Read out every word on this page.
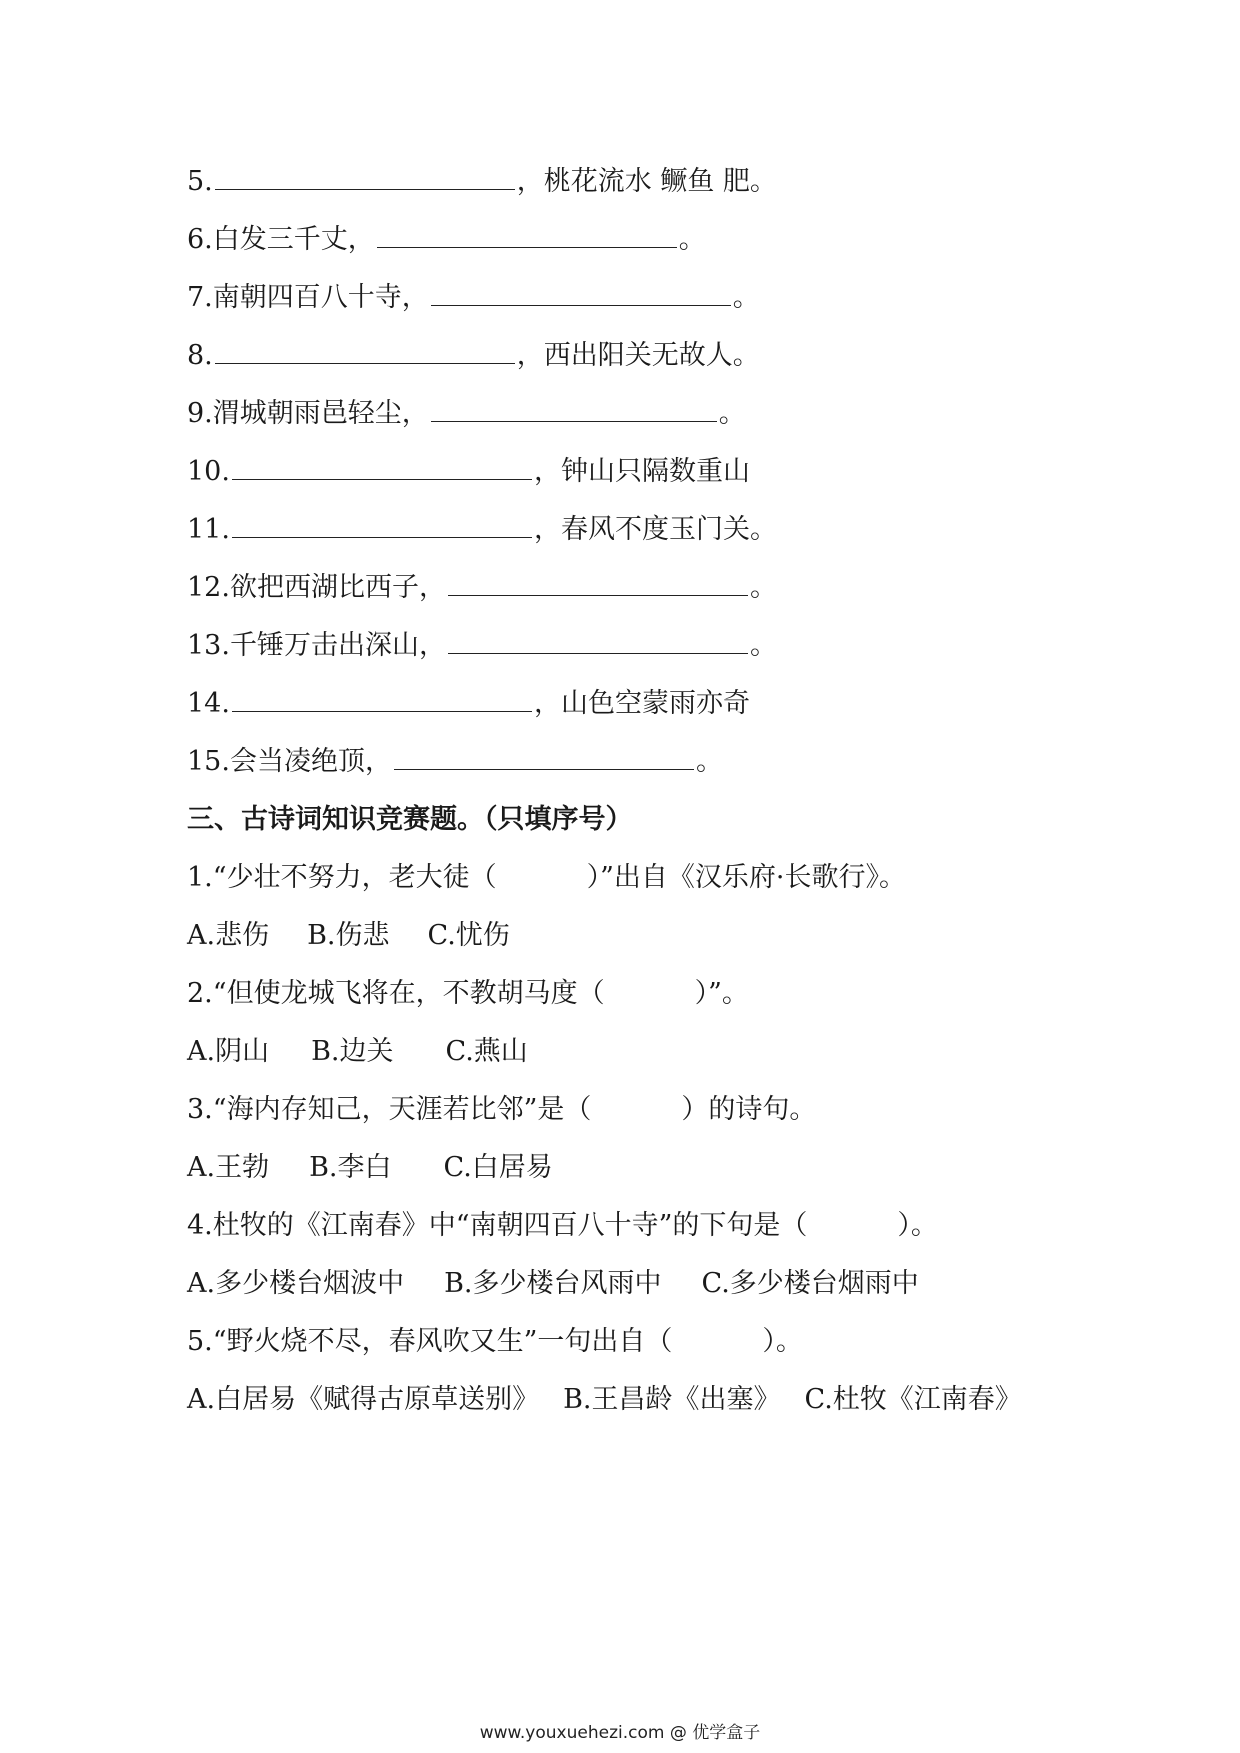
5.	，桃花流水 鳜鱼 肥。
6.白发三千丈，	。
7.南朝四百八十寺，	。
8.	，西出阳关无故人。
9.渭城朝雨邑轻尘，	。
10.	，钟山只隔数重山
11.	，春风不度玉门关。
12.欲把西湖比西子，	。
13.千锤万击出深山，	。
14.	，山色空蒙雨亦奇
15.会当凌绝顶，	。
三、古诗词知识竞赛题。（只填序号）
1.“少壮不努力，老大徒（	）”出自《汉乐府·长歌行》。
A.悲伤 B.伤悲 C.忧伤
2.“但使龙城飞将在，不教胡马度（	）”。
A.阴山 B.边关 C.燕山
3.“海内存知己，天涯若比邻”是（	）的诗句。
A.王勃 B.李白 C.白居易
4.杜牧的《江南春》中“南朝四百八十寺”的下句是（	）。
A.多少楼台烟波中 B.多少楼台风雨中 C.多少楼台烟雨中
5.“野火烧不尽，春风吹又生”一句出自（	）。
A.白居易《赋得古原草送别》 B.王昌龄《出塞》 C.杜牧《江南春》
www.youxuehezi.com @ 优学盒子
